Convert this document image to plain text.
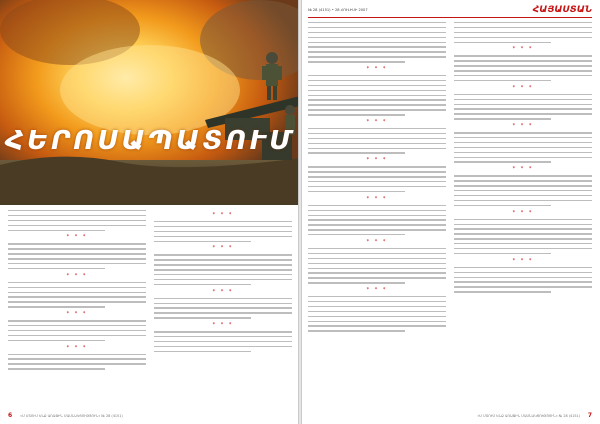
ՀԵՐՈՍԱՊԱՏՈՒՄ
* * *
* * *
* * *
* * *
* * *
* * *
* * *
* * *
6 «Մ ՄՏՈՒՄ ԵՆՔ ԱՌԱՋԻՆ ՄԱՍՆԱԿՑՈՒԹՅՈՒՆ» № 28 (4151)
№ 28 (4151) • 28 ՀՈՒԼԻՍԻ 2007	ՀԱՅԱՍՏԱՆ
* * *
* * *
* * *
* * *
* * *
* * *
* * *
* * *
* * *
* * *
* * *
* * *
«Մ ՄՏՈՒՄ ԵՆՔ ԱՌԱՋԻՆ ՄԱՍՆԱԿՑՈՒԹՅՈՒՆ» № 28 (4151) 7
